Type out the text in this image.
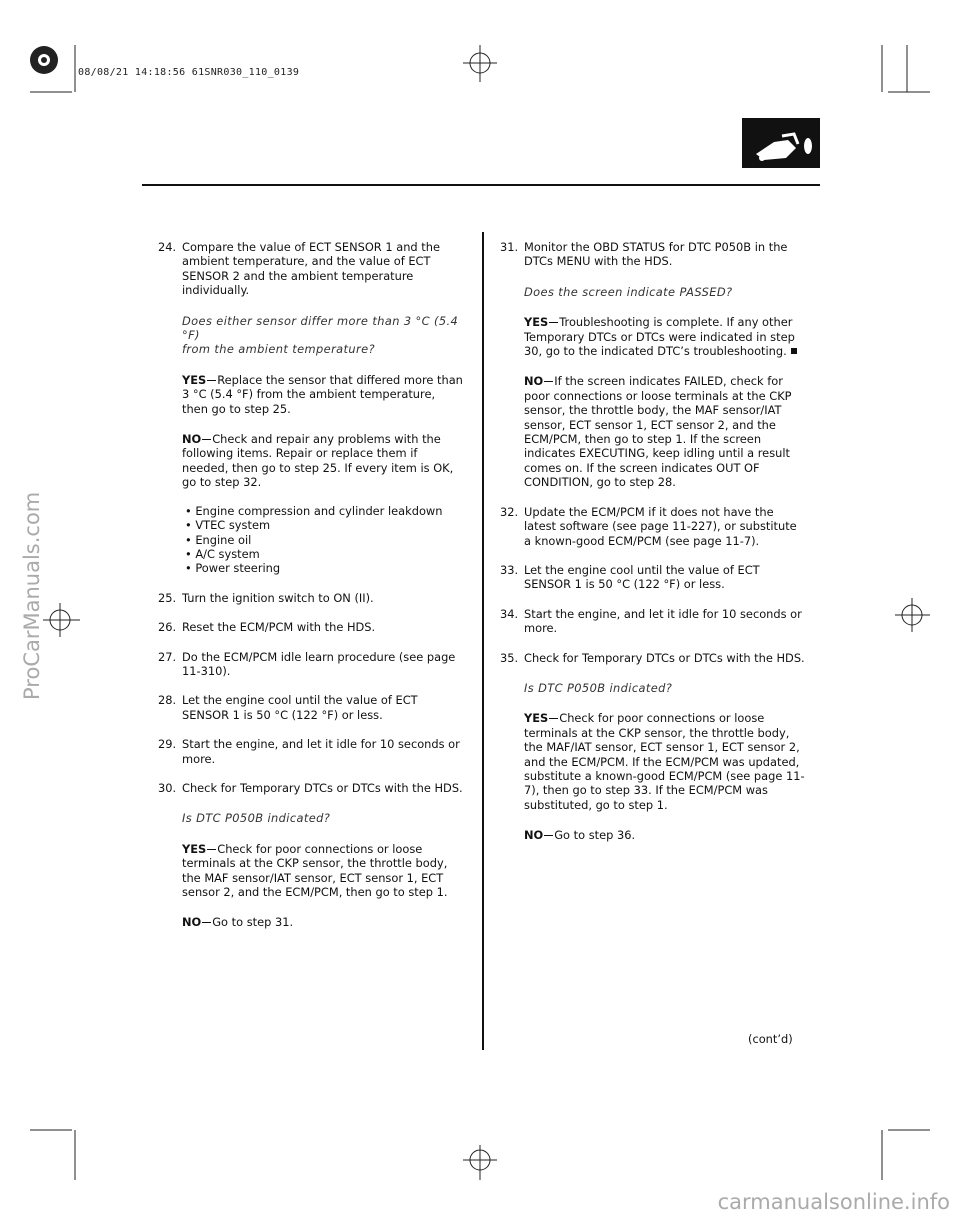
08/08/21 14:18:56 61SNR030_110_0139

24. Compare the value of ECT SENSOR 1 and the ambient temperature, and the value of ECT SENSOR 2 and the ambient temperature individually.

Does either sensor differ more than 3 °C (5.4 °F)
from the ambient temperature?

YES Replace the sensor that differed more than 3 °C (5.4 °F) from the ambient temperature, then go to step 25.

NO Check and repair any problems with the following items. Repair or replace them if needed, then go to step 25. If every item is OK, go to step 32.

• Engine compression and cylinder leakdown
• VTEC system
• Engine oil
• A/C system
• Power steering

25. Turn the ignition switch to ON (II).

26. Reset the ECM/PCM with the HDS.

27. Do the ECM/PCM idle learn procedure (see page 11-310).

28. Let the engine cool until the value of ECT SENSOR 1 is 50 °C (122 °F) or less.

29. Start the engine, and let it idle for 10 seconds or more.

30. Check for Temporary DTCs or DTCs with the HDS.

Is DTC P050B indicated?

YES Check for poor connections or loose terminals at the CKP sensor, the throttle body, the MAF sensor/IAT sensor, ECT sensor 1, ECT sensor 2, and the ECM/PCM, then go to step 1.

NO Go to step 31.

31. Monitor the OBD STATUS for DTC P050B in the DTCs MENU with the HDS.

Does the screen indicate PASSED?

YES Troubleshooting is complete. If any other Temporary DTCs or DTCs were indicated in step 30, go to the indicated DTC’s troubleshooting.

NO If the screen indicates FAILED, check for poor connections or loose terminals at the CKP sensor, the throttle body, the MAF sensor/IAT sensor, ECT sensor 1, ECT sensor 2, and the ECM/PCM, then go to step 1. If the screen indicates EXECUTING, keep idling until a result comes on. If the screen indicates OUT OF CONDITION, go to step 28.

32. Update the ECM/PCM if it does not have the latest software (see page 11-227), or substitute a known-good ECM/PCM (see page 11-7).

33. Let the engine cool until the value of ECT SENSOR 1 is 50 °C (122 °F) or less.

34. Start the engine, and let it idle for 10 seconds or more.

35. Check for Temporary DTCs or DTCs with the HDS.

Is DTC P050B indicated?

YES Check for poor connections or loose terminals at the CKP sensor, the throttle body, the MAF/IAT sensor, ECT sensor 1, ECT sensor 2, and the ECM/PCM. If the ECM/PCM was updated, substitute a known-good ECM/PCM (see page 11-7), then go to step 33. If the ECM/PCM was substituted, go to step 1.

NO Go to step 36.

(cont’d)
ProCarManuals.com
carmanualsonline.info
